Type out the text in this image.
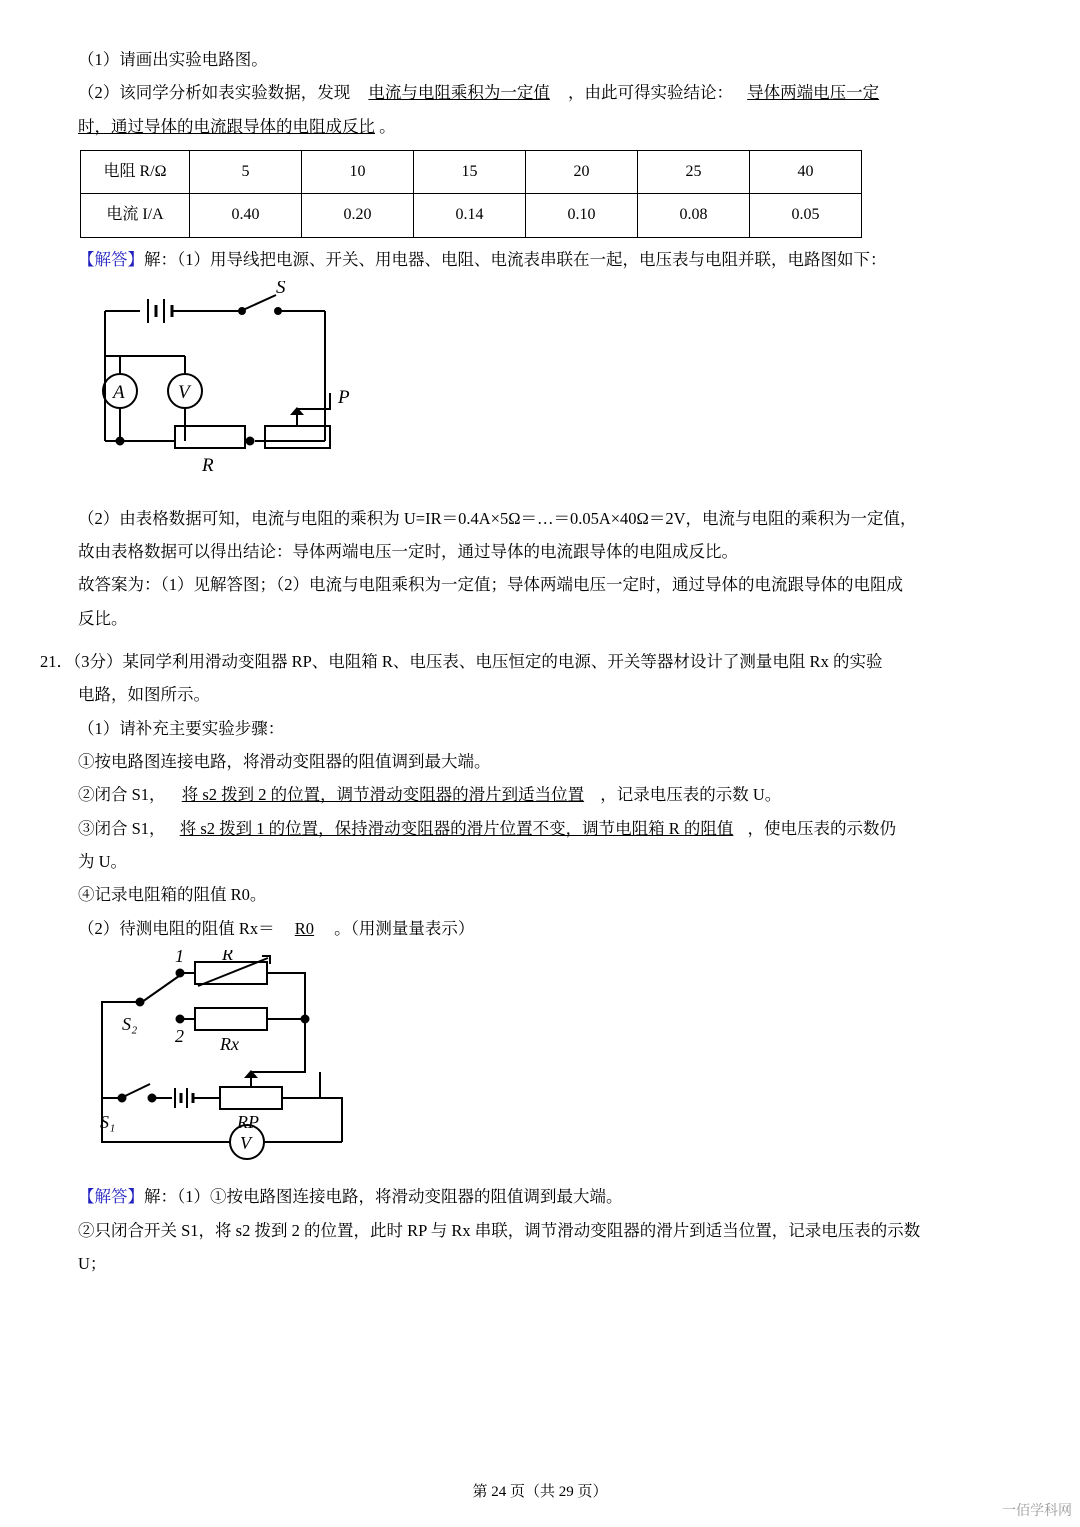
（1）请画出实验电路图。

（2）该同学分析如表实验数据，发现 电流与电阻乘积为一定值 ，由此可得实验结论： 导体两端电压一定

时，通过导体的电流跟导体的电阻成反比 。

电阻 R/Ω	5	10	15	20	25	40
电流 I/A	0.40	0.20	0.14	0.10	0.08	0.05

【解答】解：（1）用导线把电源、开关、用电器、电阻、电流表串联在一起，电压表与电阻并联，电路图如下：

S
A	V
R
P

（2）由表格数据可知，电流与电阻的乘积为 U=IR＝0.4A×5Ω＝…＝0.05A×40Ω＝2V，电流与电阻的乘积为一定值，

故由表格数据可以得出结论：导体两端电压一定时，通过导体的电流跟导体的电阻成反比。

故答案为：（1）见解答图；（2）电流与电阻乘积为一定值；导体两端电压一定时，通过导体的电流跟导体的电阻成

反比。

21．（3分）某同学利用滑动变阻器 RP、电阻箱 R、电压表、电压恒定的电源、开关等器材设计了测量电阻 Rx 的实验

电路，如图所示。

（1）请补充主要实验步骤：

①按电路图连接电路，将滑动变阻器的阻值调到最大端。

②闭合 S1， 将 s2 拨到 2 的位置，调节滑动变阻器的滑片到适当位置 ，记录电压表的示数 U。

③闭合 S1， 将 s2 拨到 1 的位置，保持滑动变阻器的滑片位置不变，调节电阻箱 R 的阻值 ，使电压表的示数仍

为 U。

④记录电阻箱的阻值 R0。

（2）待测电阻的阻值 Rx＝ R0 。（用测量量表示）

1
2
S₂
S₁
R
Rx
RP
V

【解答】解：（1）①按电路图连接电路，将滑动变阻器的阻值调到最大端。

②只闭合开关 S1，将 s2 拨到 2 的位置，此时 RP 与 Rx 串联，调节滑动变阻器的滑片到适当位置，记录电压表的示数

U；

第 24 页（共 29 页）
一佰学科网
